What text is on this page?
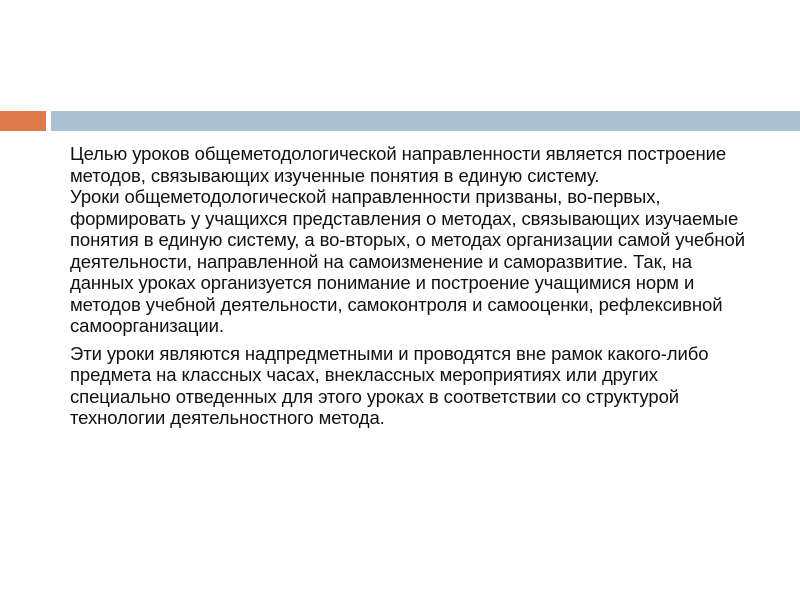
Целью уроков общеметодологической направленности является построение методов, связывающих изученные понятия в единую систему.
Уроки общеметодологической направленности призваны, во-первых, формировать у учащихся представления о методах, связывающих изучаемые понятия в единую систему, а во-вторых, о методах организации самой учебной деятельности, направленной на самоизменение и саморазвитие. Так, на данных уроках организуется понимание и построение учащимися норм и методов учебной деятельности, самоконтроля и самооценки, рефлексивной самоорганизации.

Эти уроки являются надпредметными и проводятся вне рамок какого-либо предмета на классных часах, внеклассных мероприятиях или других специально отведенных для этого уроках в соответствии со структурой технологии деятельностного метода.
